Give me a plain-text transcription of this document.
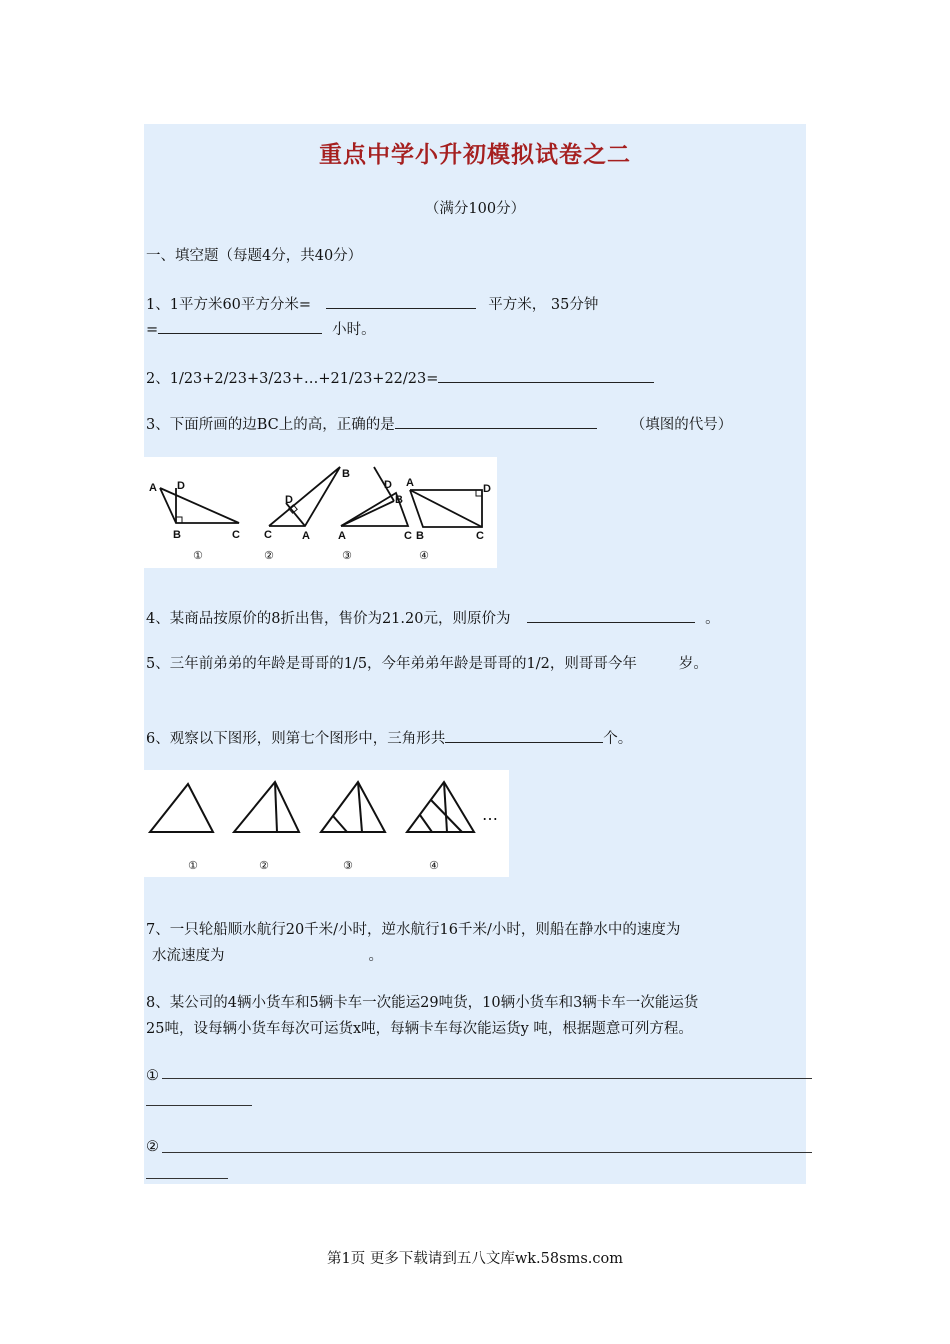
重点中学小升初模拟试卷之二
（满分100分）
一、填空题（每题4分，共40分）
1、1平方米60平方分米=	平方米， 35分钟
=	小时。
2、1/23+2/23+3/23+…+21/23+22/23=
3、下面所画的边BC上的高，正确的是	（填图的代号）
A D
B	C
B
D
C	A
D
B
A	C
A	D
B	C
①	②	③	④
4、某商品按原价的8折出售，售价为21.20元，则原价为	。
5、三年前弟弟的年龄是哥哥的1/5，今年弟弟年龄是哥哥的1/2，则哥哥今年	岁。
6、观察以下图形，则第七个图形中，三角形共	个。
…
①	②	③	④
7、一只轮船顺水航行20千米/小时，逆水航行16千米/小时，则船在静水中的速度为
水流速度为	。
8、某公司的4辆小货车和5辆卡车一次能运29吨货，10辆小货车和3辆卡车一次能运货
25吨，设每辆小货车每次可运货x吨，每辆卡车每次能运货y 吨，根据题意可列方程。
①
②
第1页 更多下载请到五八文库wk.58sms.com
